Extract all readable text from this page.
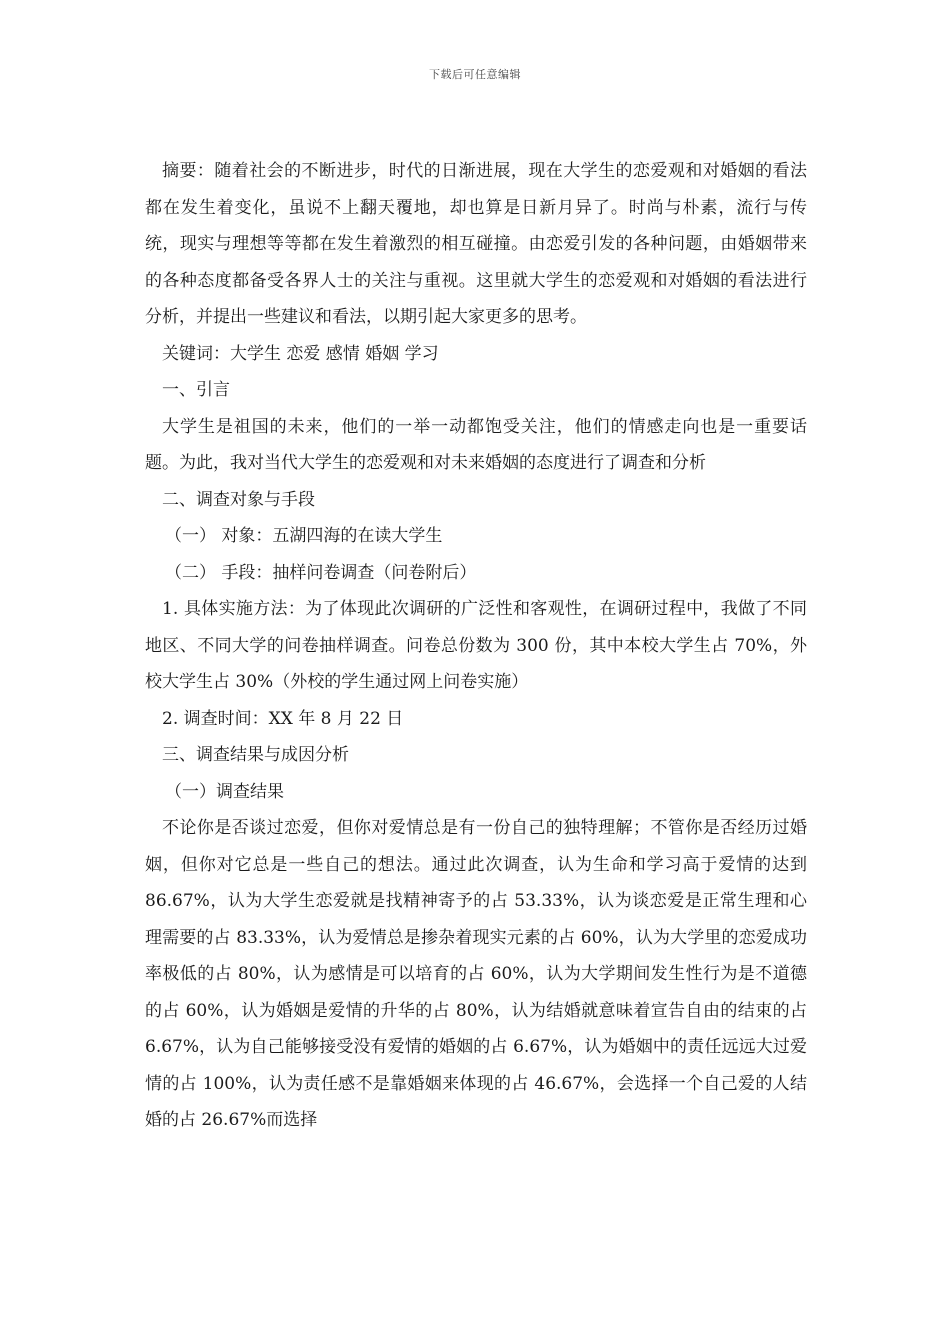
下载后可任意编辑

摘要：随着社会的不断进步，时代的日渐进展，现在大学生的恋爱观和对婚姻的看法都在发生着变化，虽说不上翻天覆地，却也算是日新月异了。时尚与朴素，流行与传统，现实与理想等等都在发生着激烈的相互碰撞。由恋爱引发的各种问题，由婚姻带来的各种态度都备受各界人士的关注与重视。这里就大学生的恋爱观和对婚姻的看法进行分析，并提出一些建议和看法，以期引起大家更多的思考。

关键词：大学生 恋爱 感情 婚姻 学习

一、引言

大学生是祖国的未来，他们的一举一动都饱受关注，他们的情感走向也是一重要话题。为此，我对当代大学生的恋爱观和对未来婚姻的态度进行了调查和分析

二、调查对象与手段

（一） 对象：五湖四海的在读大学生

（二） 手段：抽样问卷调查（问卷附后）

1. 具体实施方法：为了体现此次调研的广泛性和客观性，在调研过程中，我做了不同地区、不同大学的问卷抽样调查。问卷总份数为 300 份，其中本校大学生占 70%，外校大学生占 30%（外校的学生通过网上问卷实施）

2. 调查时间：XX 年 8 月 22 日

三、调查结果与成因分析

（一）调查结果

不论你是否谈过恋爱，但你对爱情总是有一份自己的独特理解；不管你是否经历过婚姻，但你对它总是一些自己的想法。通过此次调查，认为生命和学习高于爱情的达到 86.67%，认为大学生恋爱就是找精神寄予的占 53.33%，认为谈恋爱是正常生理和心理需要的占 83.33%，认为爱情总是掺杂着现实元素的占 60%，认为大学里的恋爱成功率极低的占 80%，认为感情是可以培育的占 60%，认为大学期间发生性行为是不道德的占 60%，认为婚姻是爱情的升华的占 80%，认为结婚就意味着宣告自由的结束的占 6.67%，认为自己能够接受没有爱情的婚姻的占 6.67%，认为婚姻中的责任远远大过爱情的占 100%，认为责任感不是靠婚姻来体现的占 46.67%，会选择一个自己爱的人结婚的占 26.67%而选择
